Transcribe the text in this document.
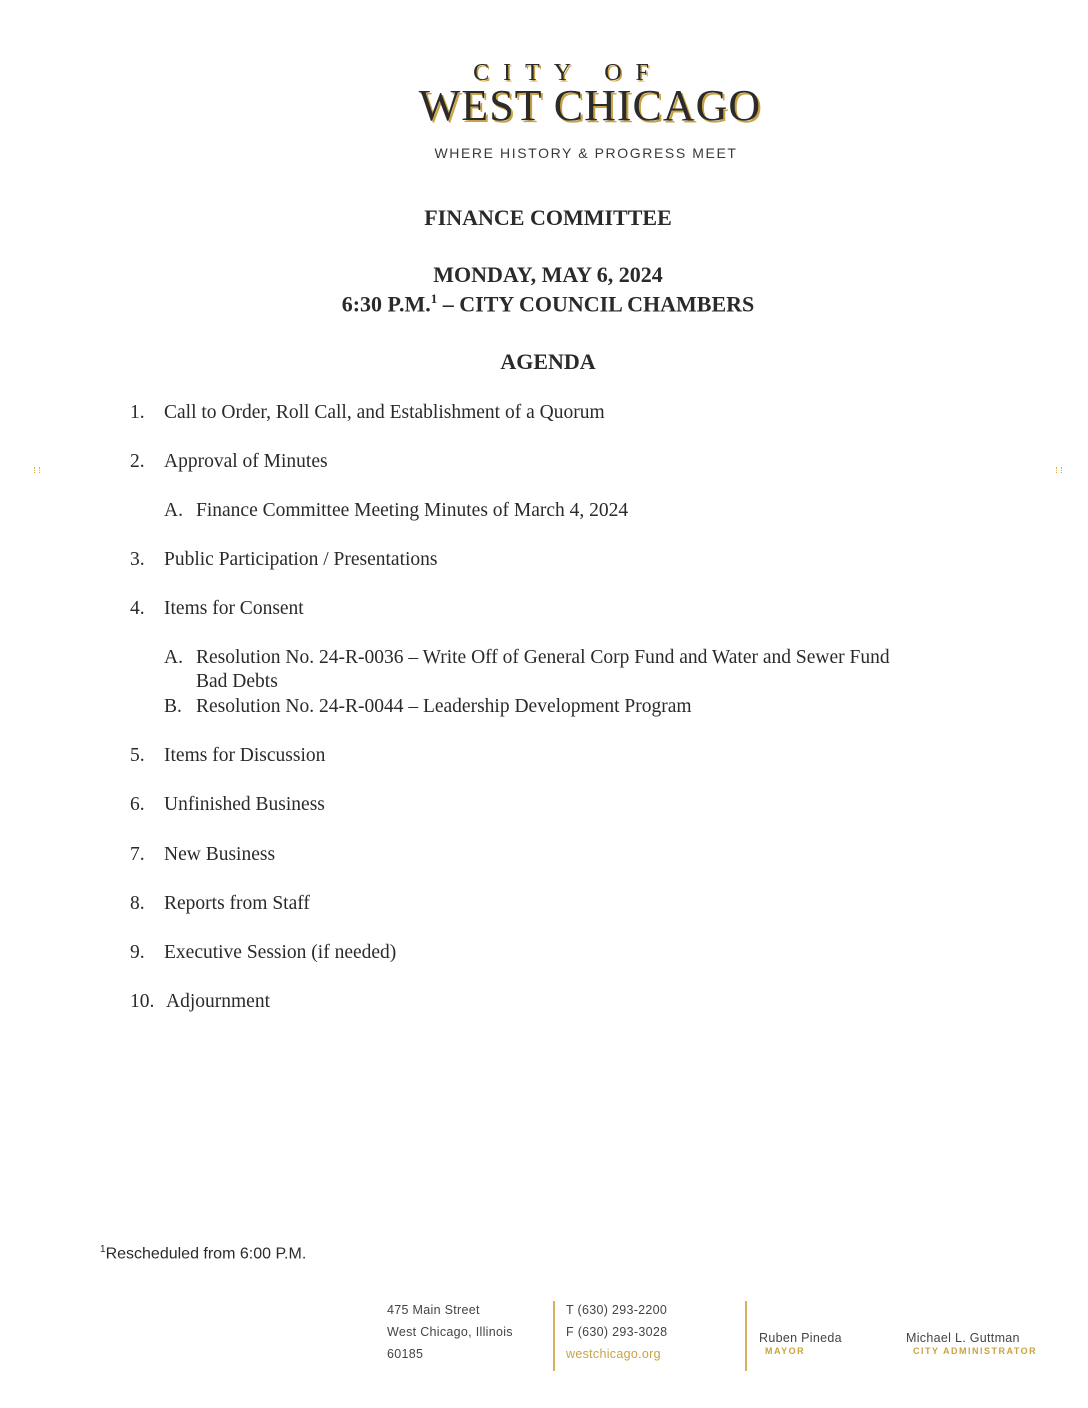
CITY OF
WEST CHICAGO
WHERE HISTORY & PROGRESS MEET
FINANCE COMMITTEE
MONDAY, MAY 6, 2024
6:30 P.M.$^1$ – CITY COUNCIL CHAMBERS
AGENDA
1. Call to Order, Roll Call, and Establishment of a Quorum
2. Approval of Minutes
A. Finance Committee Meeting Minutes of March 4, 2024
3. Public Participation / Presentations
4. Items for Consent
A. Resolution No. 24-R-0036 – Write Off of General Corp Fund and Water and Sewer Fund
Bad Debts
B. Resolution No. 24-R-0044 – Leadership Development Program
5. Items for Discussion
6. Unfinished Business
7. New Business
8. Reports from Staff
9. Executive Session (if needed)
10. Adjournment
$^1$Rescheduled from 6:00 P.M.
475 Main Street
West Chicago, Illinois
60185
T (630) 293-2200
F (630) 293-3028
westchicago.org
Ruben Pineda
MAYOR
Michael L. Guttman
CITY ADMINISTRATOR
